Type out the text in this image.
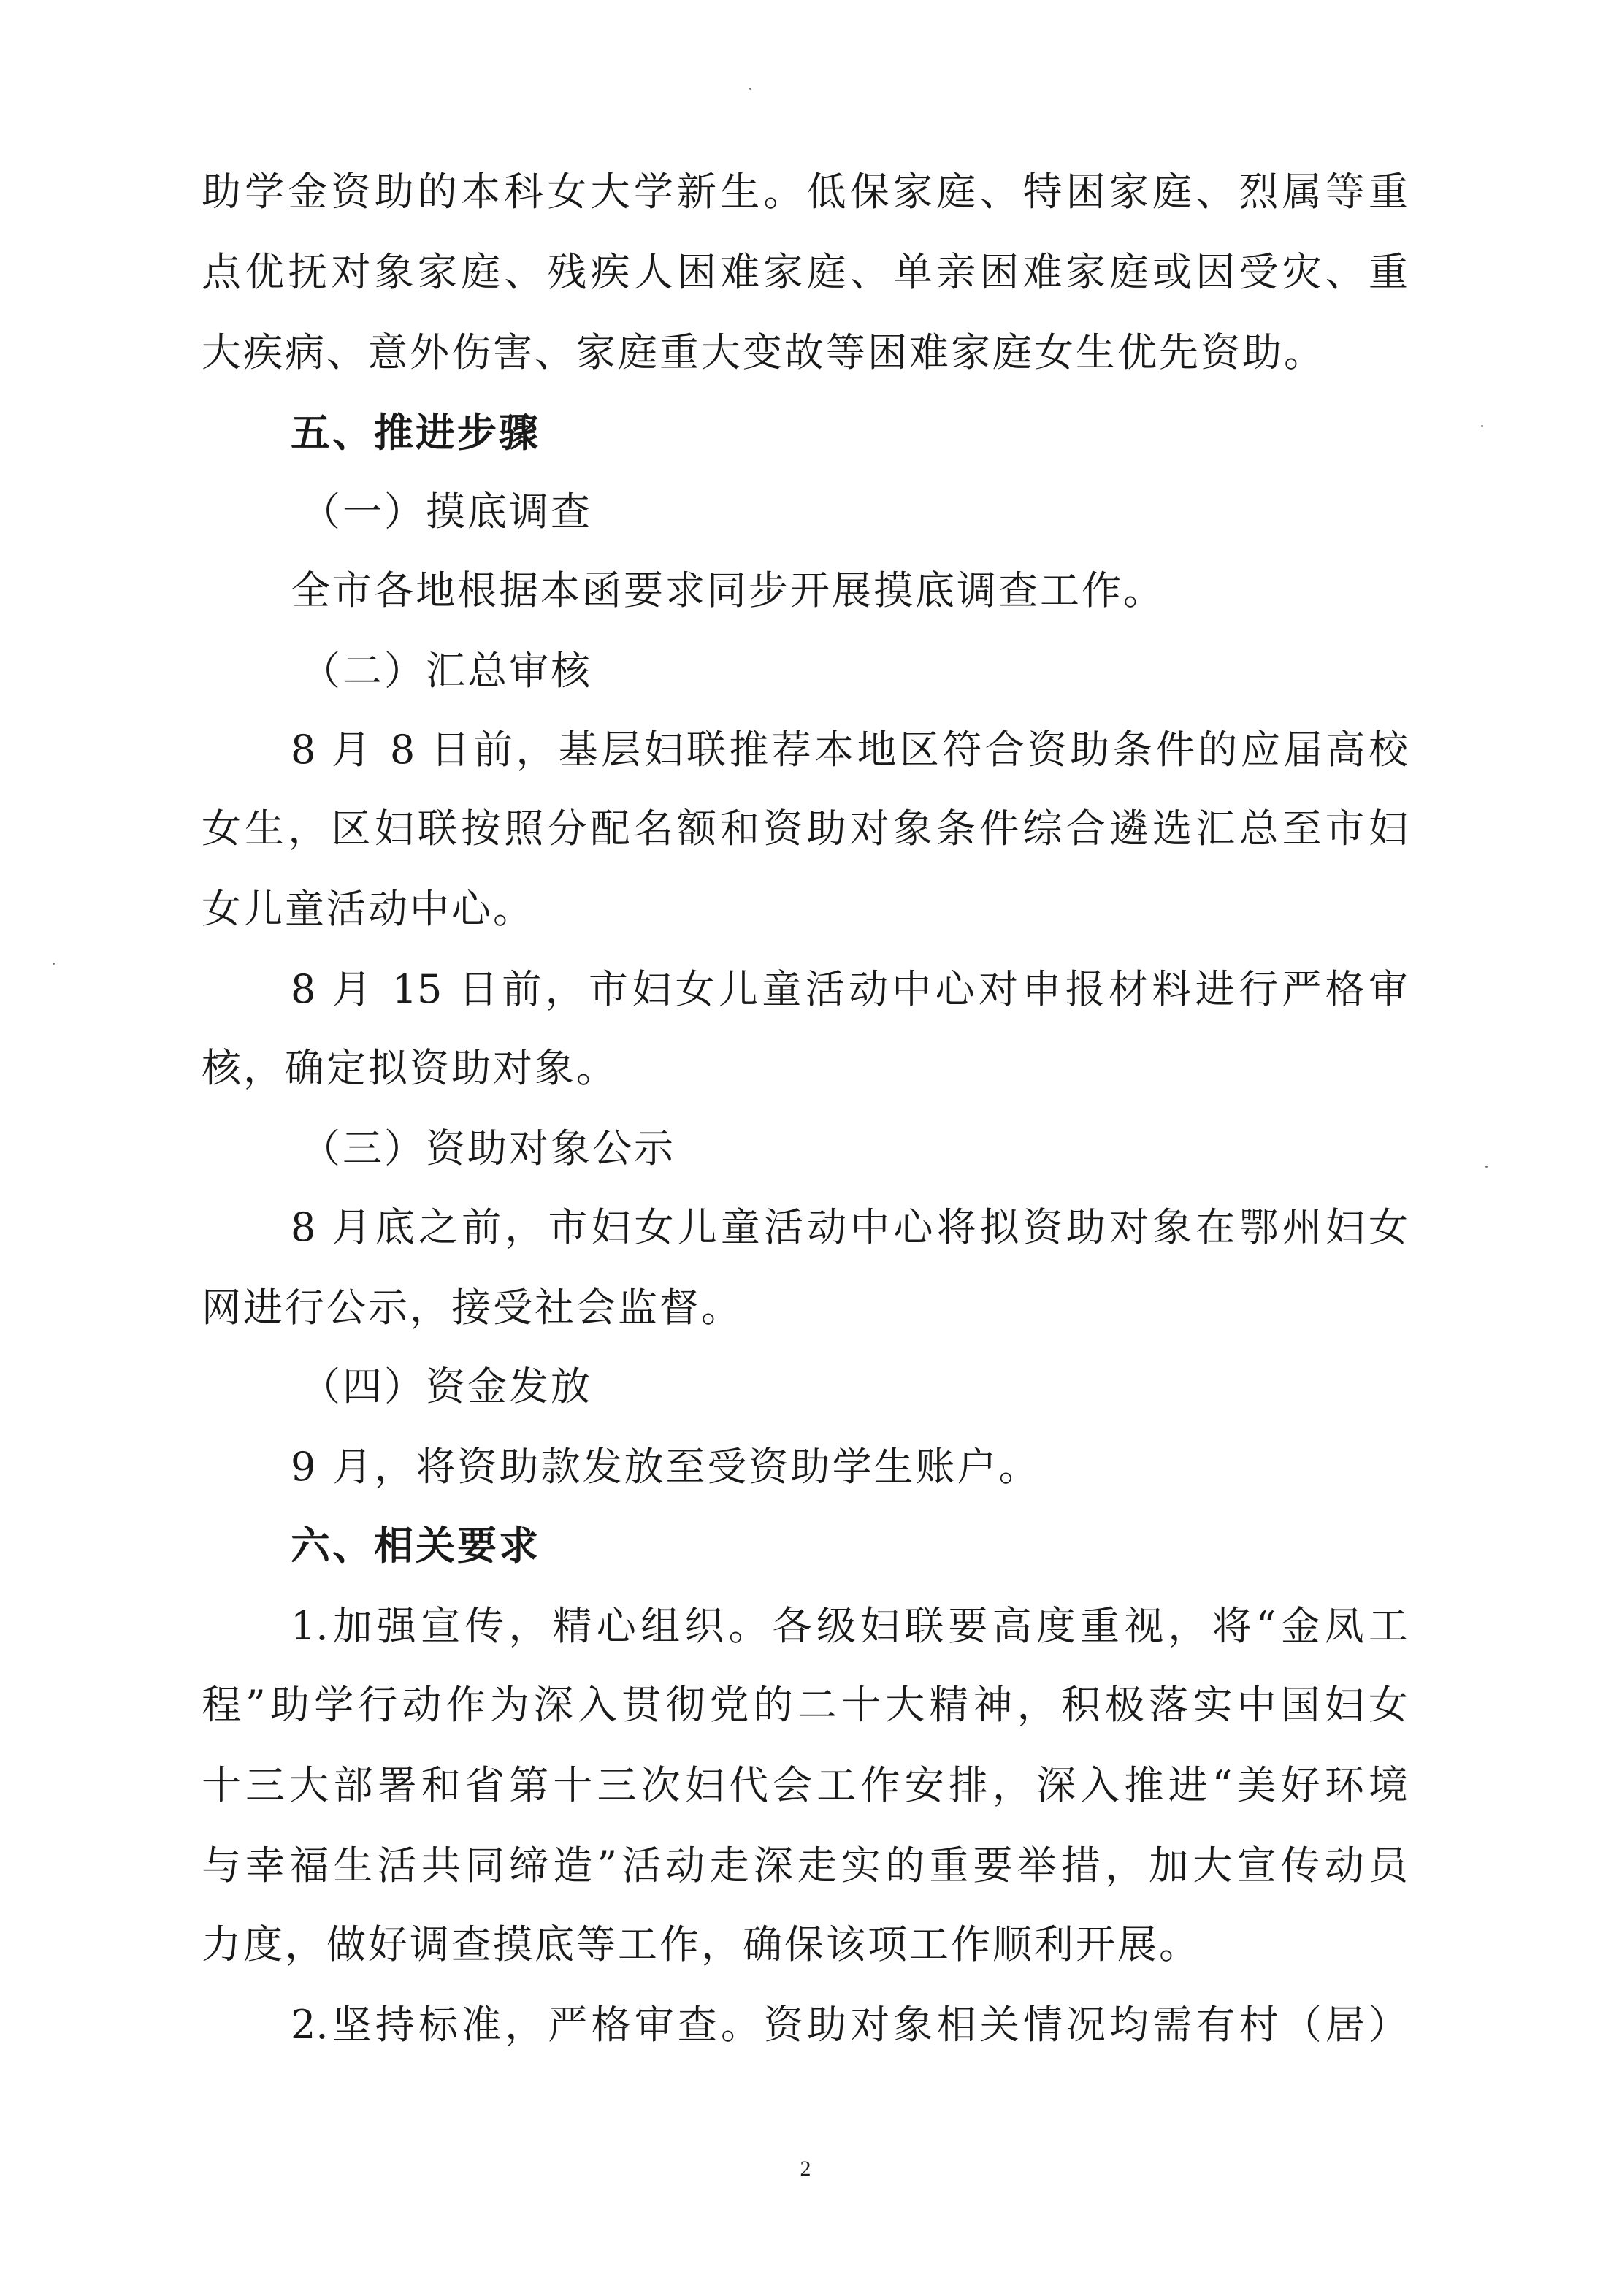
助学金资助的本科女大学新生。低保家庭、特困家庭、烈属等重
点优抚对象家庭、残疾人困难家庭、单亲困难家庭或因受灾、重
大疾病、意外伤害、家庭重大变故等困难家庭女生优先资助。
五、推进步骤
（一）摸底调查
全市各地根据本函要求同步开展摸底调查工作。
（二）汇总审核
8 月 8 日前，基层妇联推荐本地区符合资助条件的应届高校
女生，区妇联按照分配名额和资助对象条件综合遴选汇总至市妇
女儿童活动中心。
8 月 15 日前，市妇女儿童活动中心对申报材料进行严格审
核，确定拟资助对象。
（三）资助对象公示
8 月底之前，市妇女儿童活动中心将拟资助对象在鄂州妇女
网进行公示，接受社会监督。
（四）资金发放
9 月，将资助款发放至受资助学生账户。
六、相关要求
1.加强宣传，精心组织。各级妇联要高度重视，将“金凤工
程”助学行动作为深入贯彻党的二十大精神，积极落实中国妇女
十三大部署和省第十三次妇代会工作安排，深入推进“美好环境
与幸福生活共同缔造”活动走深走实的重要举措，加大宣传动员
力度，做好调查摸底等工作，确保该项工作顺利开展。
2.坚持标准，严格审查。资助对象相关情况均需有村（居）
2
